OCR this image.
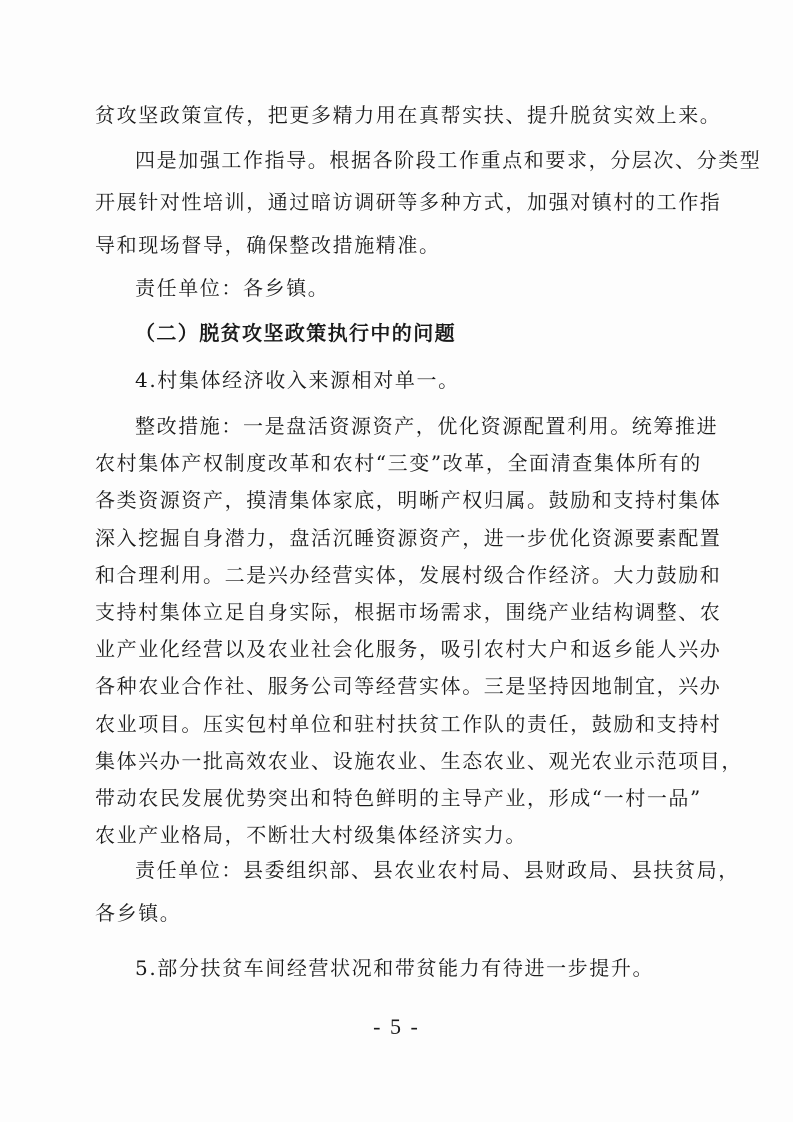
贫攻坚政策宣传，把更多精力用在真帮实扶、提升脱贫实效上来。
四是加强工作指导。根据各阶段工作重点和要求，分层次、分类型
开展针对性培训，通过暗访调研等多种方式，加强对镇村的工作指
导和现场督导，确保整改措施精准。
责任单位：各乡镇。
（二）脱贫攻坚政策执行中的问题
4.村集体经济收入来源相对单一。
整改措施：一是盘活资源资产，优化资源配置利用。统筹推进
农村集体产权制度改革和农村“三变”改革，全面清查集体所有的
各类资源资产，摸清集体家底，明晰产权归属。鼓励和支持村集体
深入挖掘自身潜力，盘活沉睡资源资产，进一步优化资源要素配置
和合理利用。二是兴办经营实体，发展村级合作经济。大力鼓励和
支持村集体立足自身实际，根据市场需求，围绕产业结构调整、农
业产业化经营以及农业社会化服务，吸引农村大户和返乡能人兴办
各种农业合作社、服务公司等经营实体。三是坚持因地制宜，兴办
农业项目。压实包村单位和驻村扶贫工作队的责任，鼓励和支持村
集体兴办一批高效农业、设施农业、生态农业、观光农业示范项目，
带动农民发展优势突出和特色鲜明的主导产业，形成“一村一品”
农业产业格局，不断壮大村级集体经济实力。
责任单位：县委组织部、县农业农村局、县财政局、县扶贫局，
各乡镇。
5.部分扶贫车间经营状况和带贫能力有待进一步提升。
- 5 -
